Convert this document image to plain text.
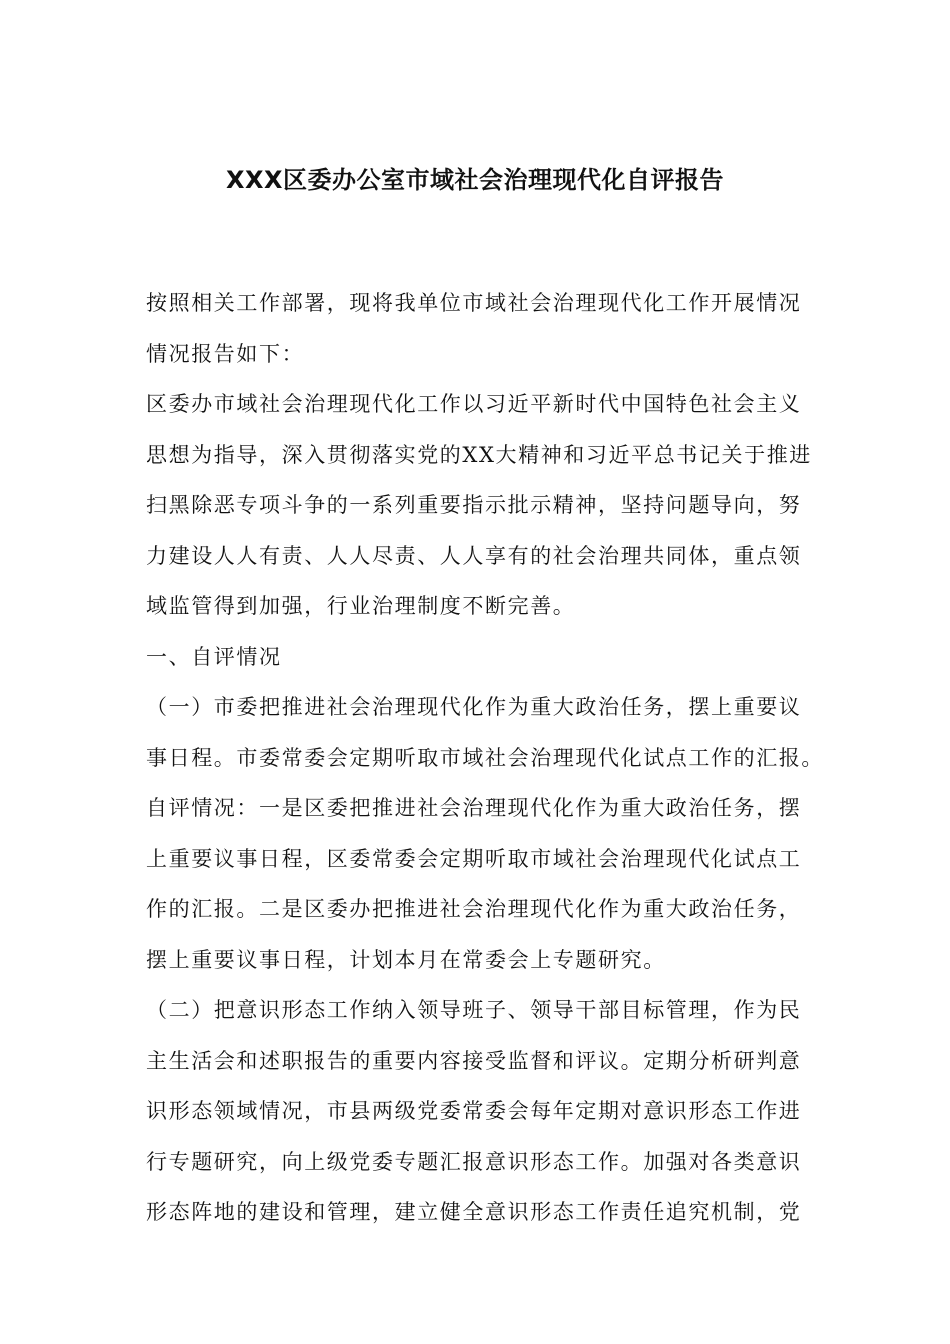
XXX区委办公室市域社会治理现代化自评报告
按照相关工作部署，现将我单位市域社会治理现代化工作开展情况
情况报告如下：
区委办市域社会治理现代化工作以习近平新时代中国特色社会主义
思想为指导，深入贯彻落实党的XX大精神和习近平总书记关于推进
扫黑除恶专项斗争的一系列重要指示批示精神，坚持问题导向，努
力建设人人有责、人人尽责、人人享有的社会治理共同体，重点领
域监管得到加强，行业治理制度不断完善。
一、自评情况
（一）市委把推进社会治理现代化作为重大政治任务，摆上重要议
事日程。市委常委会定期听取市域社会治理现代化试点工作的汇报。
自评情况：一是区委把推进社会治理现代化作为重大政治任务，摆
上重要议事日程，区委常委会定期听取市域社会治理现代化试点工
作的汇报。二是区委办把推进社会治理现代化作为重大政治任务，
摆上重要议事日程，计划本月在常委会上专题研究。
（二）把意识形态工作纳入领导班子、领导干部目标管理，作为民
主生活会和述职报告的重要内容接受监督和评议。定期分析研判意
识形态领域情况，市县两级党委常委会每年定期对意识形态工作进
行专题研究，向上级党委专题汇报意识形态工作。加强对各类意识
形态阵地的建设和管理，建立健全意识形态工作责任追究机制，党
